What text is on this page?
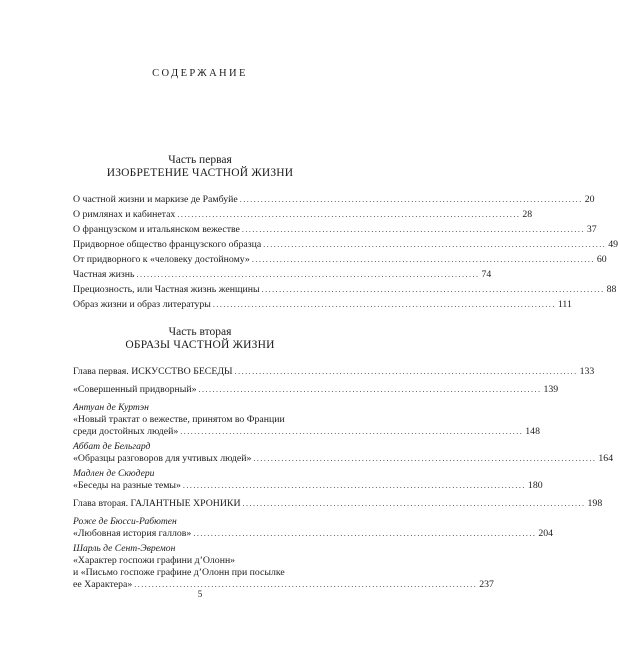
СОДЕРЖАНИЕ
Часть первая
ИЗОБРЕТЕНИЕ ЧАСТНОЙ ЖИЗНИ
О частной жизни и маркизе де Рамбуйе .................................................................................................. 20
О римлянах и кабинетах .................................................................................................. 28
О французском и итальянском вежестве .................................................................................................. 37
Придворное общество французского образца .................................................................................................. 49
От придворного к «человеку достойному» .................................................................................................. 60
Частная жизнь .................................................................................................. 74
Прециозность, или Частная жизнь женщины .................................................................................................. 88
Образ жизни и образ литературы .................................................................................................. 111
Часть вторая
ОБРАЗЫ ЧАСТНОЙ ЖИЗНИ
Глава первая. ИСКУССТВО БЕСЕДЫ .................................................................................................. 133
«Совершенный придворный» .................................................................................................. 139
Антуан де Куртэн
«Новый трактат о вежестве, принятом во Франции
среди достойных людей» .................................................................................................. 148
Аббат де Бельгард
«Образцы разговоров для учтивых людей» .................................................................................................. 164
Мадлен де Скюдери
«Беседы на разные темы» .................................................................................................. 180
Глава вторая. ГАЛАНТНЫЕ ХРОНИКИ .................................................................................................. 198
Роже де Бюсси-Рабютен
«Любовная история галлов» .................................................................................................. 204
Шарль де Сент-Эвремон
«Характер госпожи графини д’Олонн»
и «Письмо госпоже графине д’Олонн при посылке
ее Характера» .................................................................................................. 237
5
